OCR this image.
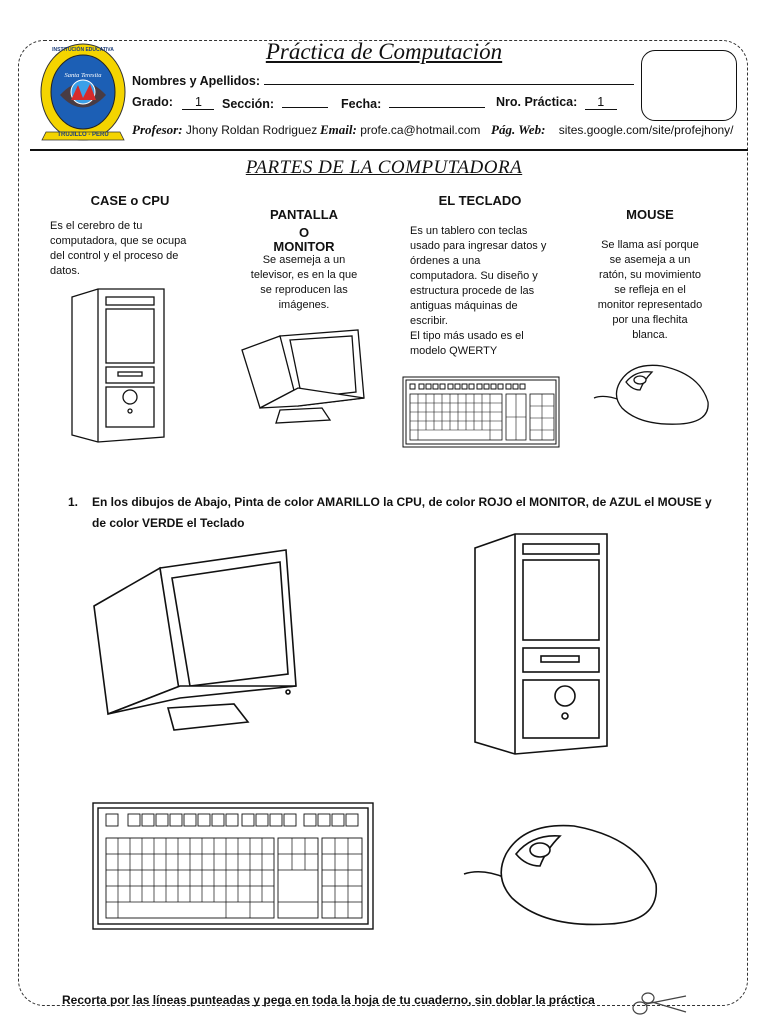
INSTITUCIÓN EDUCATIVA
Santa Teresita
TRUJILLO - PERU
Práctica de Computación
Nombres y Apellidos:
Grado: 1	Sección:	Fecha:	Nro. Práctica: 1
Profesor: Jhony Roldan Rodriguez Email: profe.ca@hotmail.com Pág. Web: sites.google.com/site/profejhony/
PARTES DE LA COMPUTADORA
CASE o CPU
PANTALLA
O
MONITOR
EL TECLADO
MOUSE
Es el cerebro de tu
computadora, que se ocupa
del control y el proceso de
datos.
Se asemeja a un
televisor, es en la que
se reproducen las
imágenes.
Es un tablero con teclas
usado para ingresar datos y
órdenes a una
computadora. Su diseño y
estructura procede de las
antiguas máquinas de
escribir.
El tipo más usado es el
modelo QWERTY
Se llama así porque
se asemeja a un
ratón, su movimiento
se refleja en el
monitor representado
por una flechita
blanca.
1. En los dibujos de Abajo, Pinta de color AMARILLO la CPU, de color ROJO el MONITOR, de AZUL el MOUSE y
de color VERDE el Teclado
Recorta por las líneas punteadas y pega en toda la hoja de tu cuaderno, sin doblar la práctica
